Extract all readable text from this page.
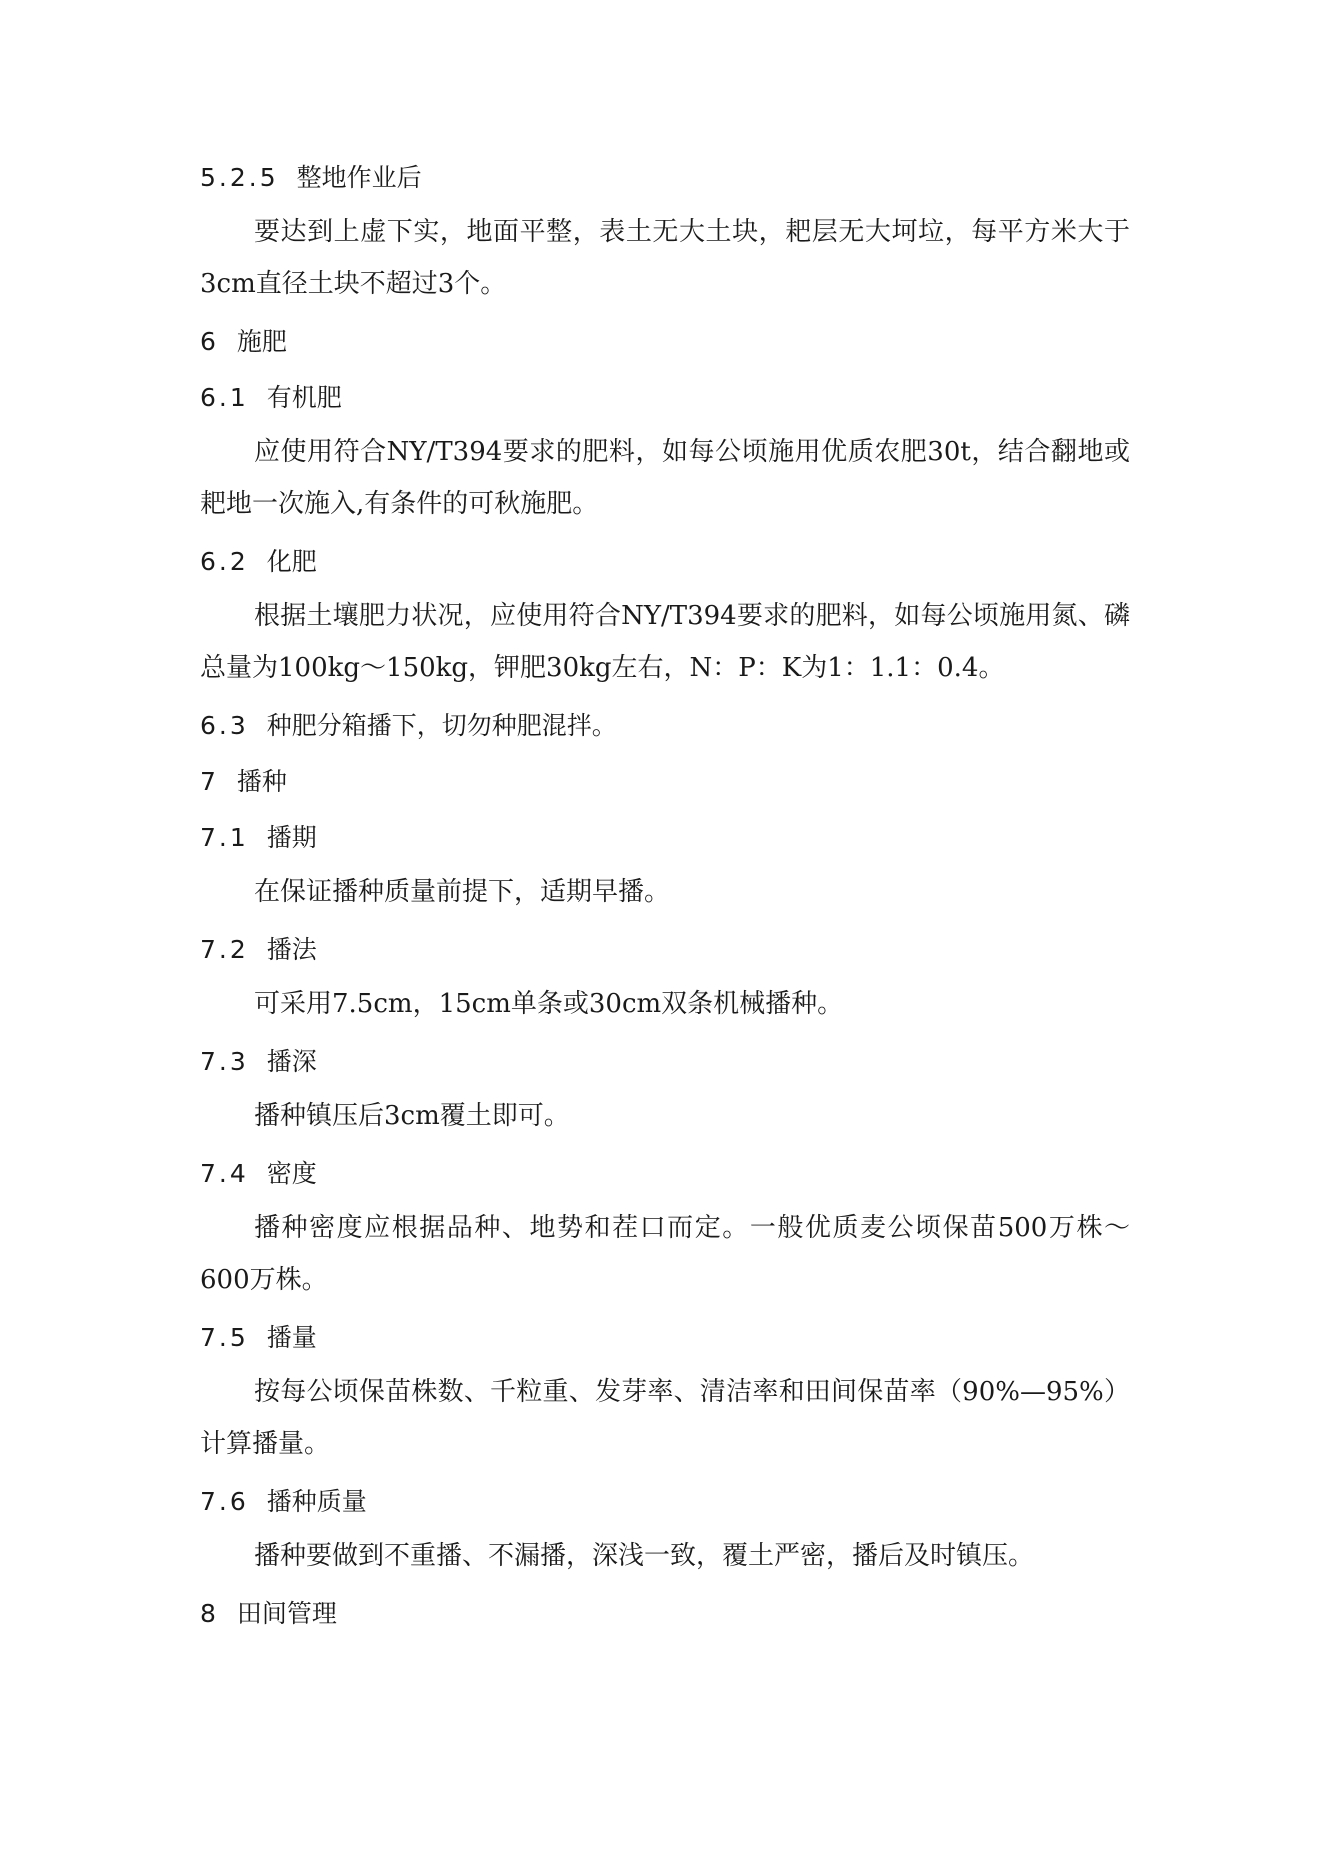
5.2.5 整地作业后

要达到上虚下实，地面平整，表土无大土块，耙层无大坷垃，每平方米大于3cm直径土块不超过3个。

6 施肥
6.1 有机肥

应使用符合NY/T394要求的肥料，如每公顷施用优质农肥30t，结合翻地或耙地一次施入,有条件的可秋施肥。

6.2 化肥

根据土壤肥力状况，应使用符合NY/T394要求的肥料，如每公顷施用氮、磷总量为100kg～150kg，钾肥30kg左右，N：P：K为1：1.1：0.4。

6.3 种肥分箱播下，切勿种肥混拌。
7 播种
7.1 播期

在保证播种质量前提下，适期早播。

7.2 播法

可采用7.5cm，15cm单条或30cm双条机械播种。

7.3 播深

播种镇压后3cm覆土即可。

7.4 密度

播种密度应根据品种、地势和茬口而定。一般优质麦公顷保苗500万株～600万株。

7.5 播量

按每公顷保苗株数、千粒重、发芽率、清洁率和田间保苗率（90%—95%）计算播量。

7.6 播种质量

播种要做到不重播、不漏播，深浅一致，覆土严密，播后及时镇压。

8 田间管理
